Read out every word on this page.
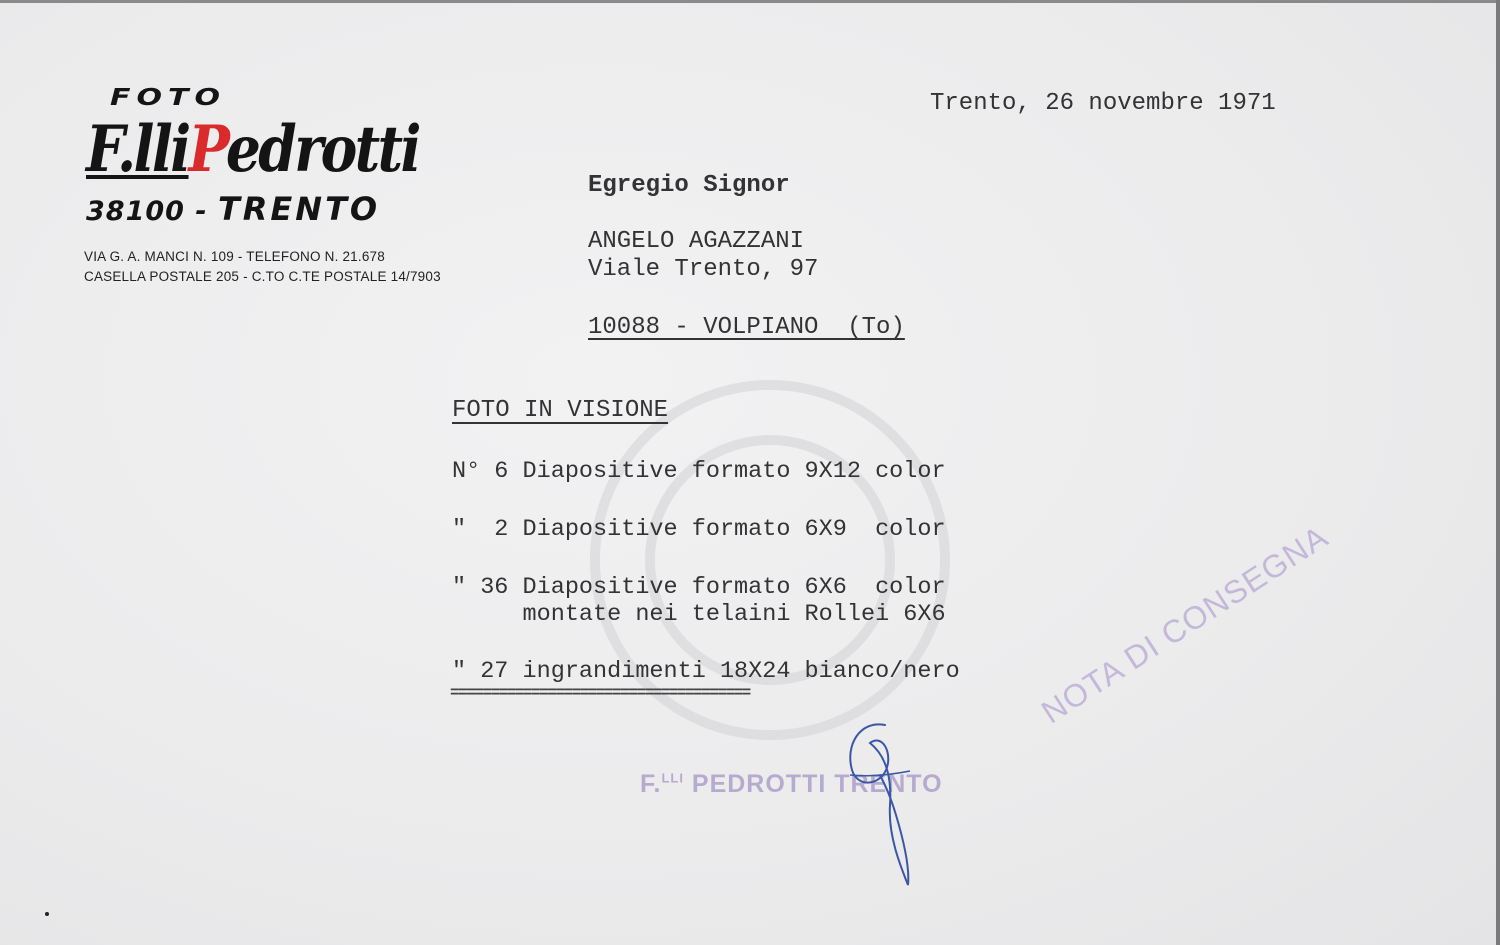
FOTO
F.lliPedrotti
38100 - TRENTO
VIA G. A. MANCI N. 109 - TELEFONO N. 21.678
CASELLA POSTALE 205 - C.TO C.TE POSTALE 14/7903
Trento, 26 novembre 1971
Egregio Signor
ANGELO AGAZZANI
Viale Trento, 97
10088 - VOLPIANO  (To)
FOTO IN VISIONE
N° 6 Diapositive formato 9X12 color
"  2 Diapositive formato 6X9  color
" 36 Diapositive formato 6X6  color
montate nei telaini Rollei 6X6
" 27 ingrandimenti 18X24 bianco/nero
=====================================
F.$^{LLI}$ PEDROTTI TRENTO
NOTA DI CONSEGNA
